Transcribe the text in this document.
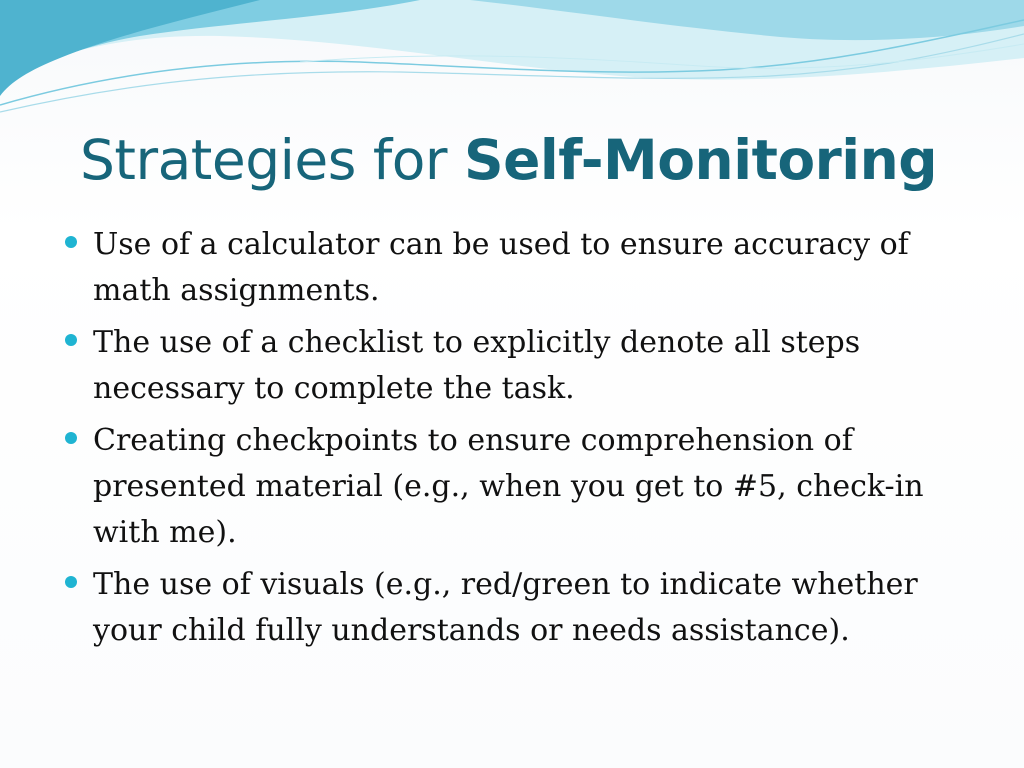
Strategies for Self-Monitoring
Use of a calculator can be used to ensure accuracy of math assignments.
The use of a checklist to explicitly denote all steps necessary to complete the task.
Creating checkpoints to ensure comprehension of presented material (e.g., when you get to #5, check-in with me).
The use of visuals (e.g., red/green to indicate whether your child fully understands or needs assistance).
